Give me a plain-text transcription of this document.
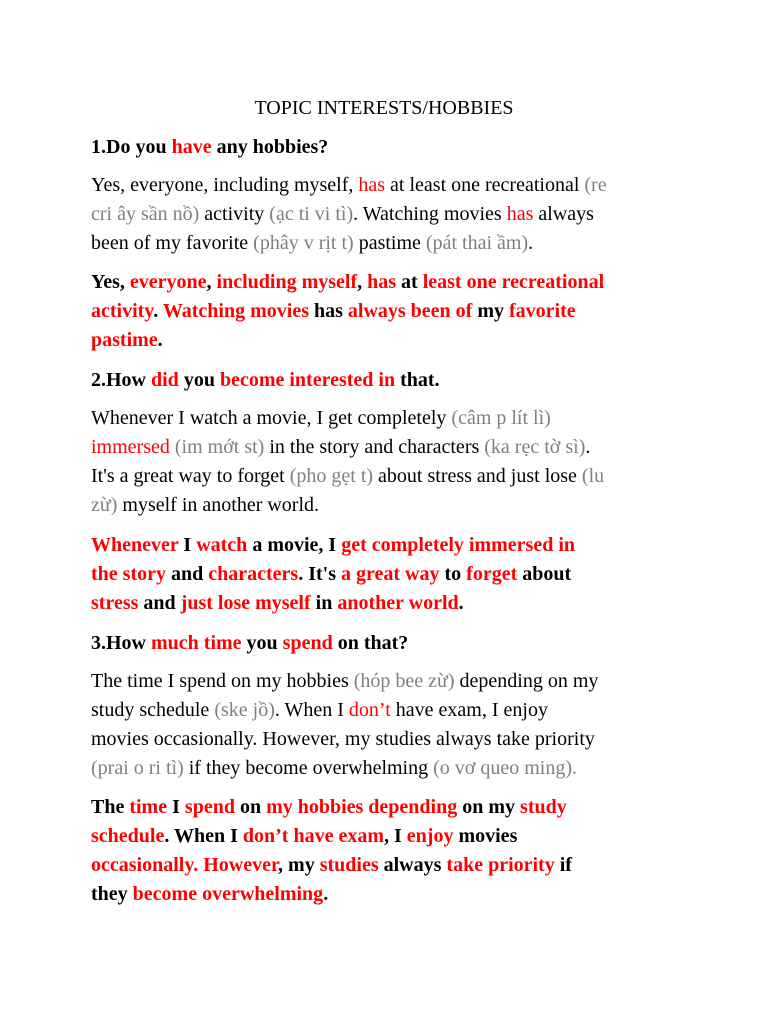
TOPIC INTERESTS/HOBBIES
1.Do you have any hobbies?
Yes, everyone, including myself, has at least one recreational (re
cri ây sần nồ) activity (ạc ti vi tì). Watching movies has always
been of my favorite (phây v rịt t) pastime (pát thai ầm).
Yes, everyone, including myself, has at least one recreational
activity. Watching movies has always been of my favorite
pastime.
2.How did you become interested in that.
Whenever I watch a movie, I get completely (câm p lít lì)
immersed (im mớt st) in the story and characters (ka rẹc tờ sì).
It's a great way to forget (pho gẹt t) about stress and just lose (lu
zừ) myself in another world.
Whenever I watch a movie, I get completely immersed in
the story and characters. It's a great way to forget about
stress and just lose myself in another world.
3.How much time you spend on that?
The time I spend on my hobbies (hóp bee zừ) depending on my
study schedule (ske jồ). When I don’t have exam, I enjoy
movies occasionally. However, my studies always take priority
(prai o ri tì) if they become overwhelming (o vơ queo ming).
The time I spend on my hobbies depending on my study
schedule. When I don’t have exam, I enjoy movies
occasionally. However, my studies always take priority if
they become overwhelming.
